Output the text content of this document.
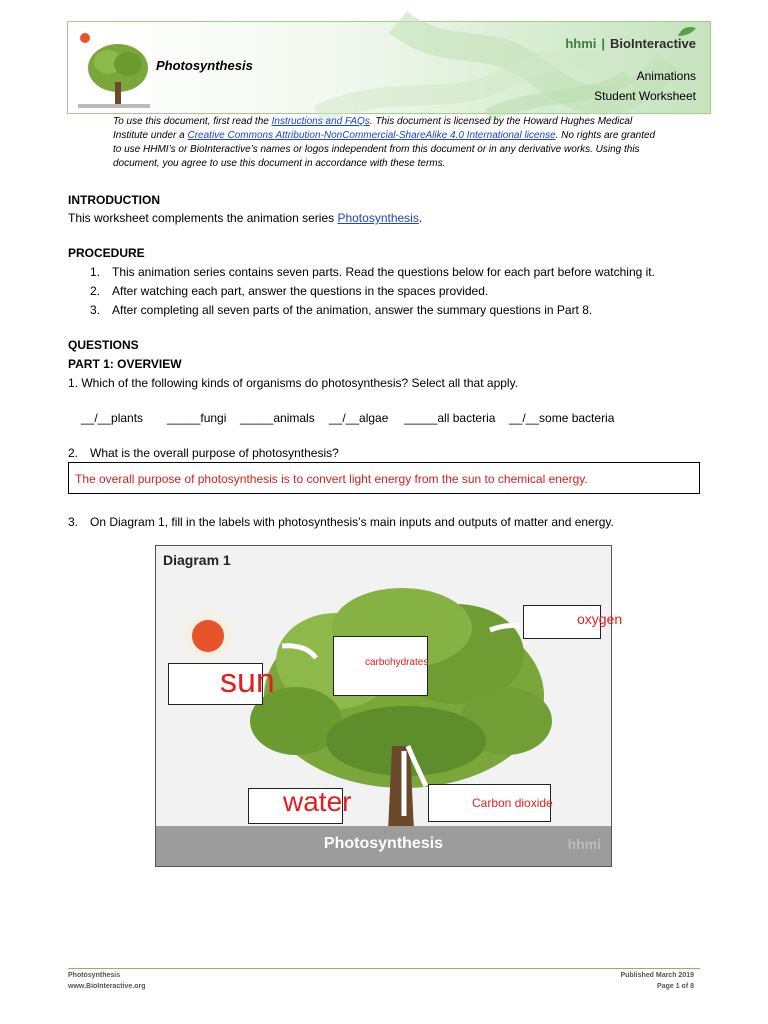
Photosynthesis
hhmi | BioInteractive
Animations
Student Worksheet
To use this document, first read the Instructions and FAQs. This document is licensed by the Howard Hughes Medical Institute under a Creative Commons Attribution-NonCommercial-ShareAlike 4.0 International license. No rights are granted to use HHMI’s or BioInteractive’s names or logos independent from this document or in any derivative works. Using this document, you agree to use this document in accordance with these terms.
INTRODUCTION
This worksheet complements the animation series Photosynthesis.
PROCEDURE
1. This animation series contains seven parts. Read the questions below for each part before watching it.
2. After watching each part, answer the questions in the spaces provided.
3. After completing all seven parts of the animation, answer the summary questions in Part 8.
QUESTIONS
PART 1: OVERVIEW
1. Which of the following kinds of organisms do photosynthesis? Select all that apply.
__/__plants _____fungi _____animals __/__algae _____all bacteria __/__some bacteria
2. What is the overall purpose of photosynthesis?
The overall purpose of photosynthesis is to convert light energy from the sun to chemical energy.
3. On Diagram 1, fill in the labels with photosynthesis’s main inputs and outputs of matter and energy.
Diagram 1
Photosynthesis	hhmi
sun	carbohydrates
oxygen
water	Carbon dioxide
Photosynthesis
www.BioInteractive.org
Published March 2019
Page 1 of 8
